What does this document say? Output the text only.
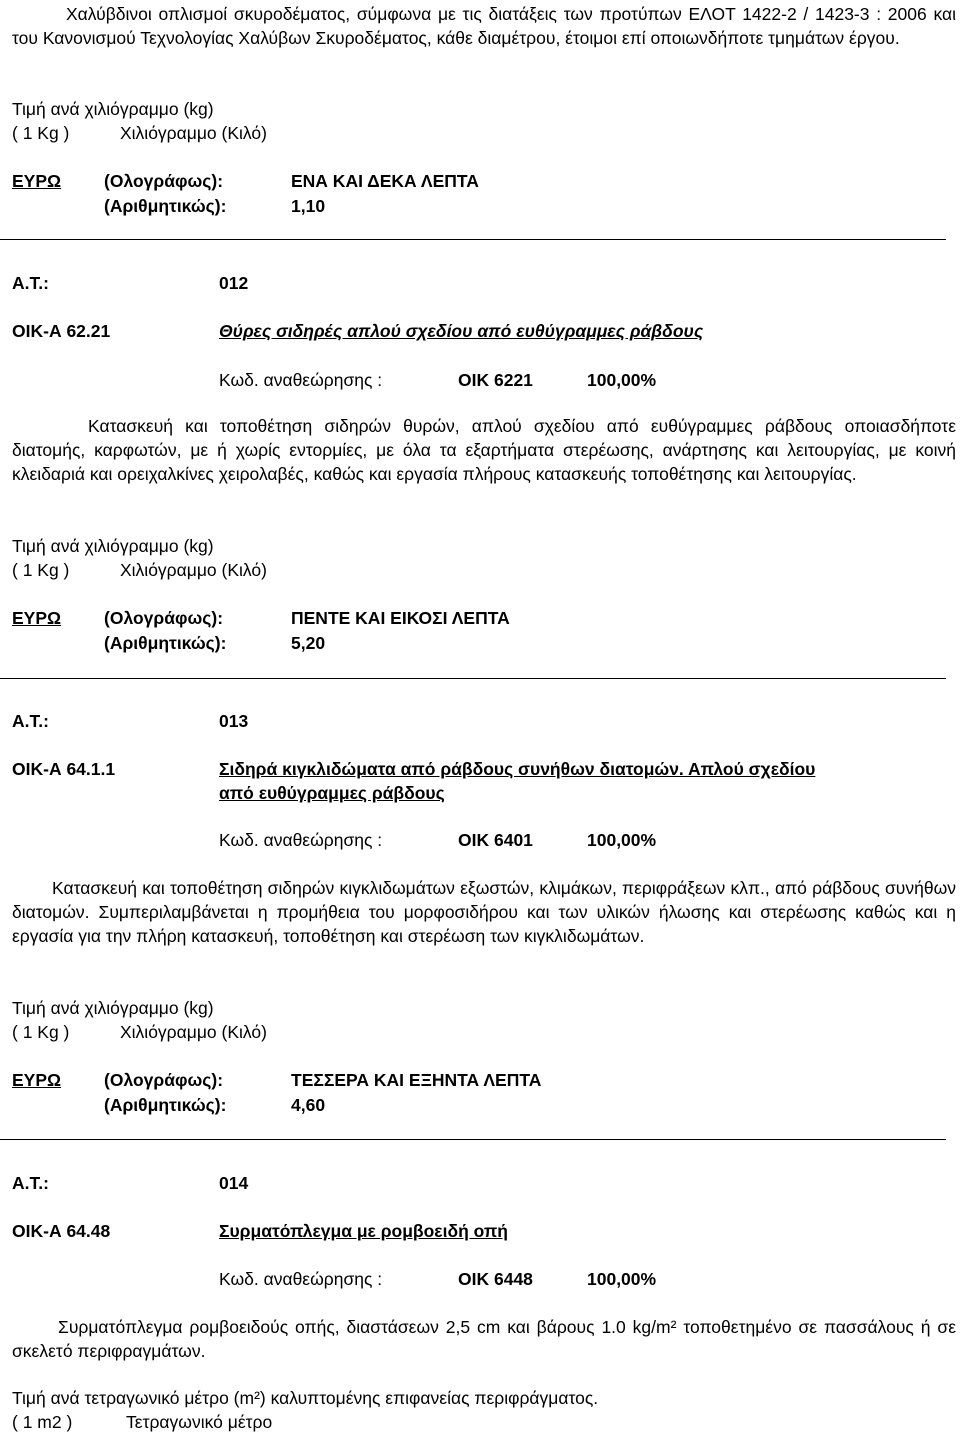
Χαλύβδινοι οπλισμοί σκυροδέματος, σύμφωνα με τις διατάξεις των προτύπων ΕΛΟΤ 1422-2 / 1423-3 : 2006 και του Κανονισμού Τεχνολογίας Χαλύβων Σκυροδέματος, κάθε διαμέτρου, έτοιμοι επί οποιωνδήποτε τμημάτων έργου.
Τιμή ανά χιλιόγραμμο (kg)
( 1 Kg )	Χιλιόγραμμο (Κιλό)
ΕΥΡΩ (Ολογράφως):	ΕΝΑ ΚΑΙ ΔΕΚΑ ΛΕΠΤΑ
(Αριθμητικώς):	1,10
Α.Τ.:	012
ΟΙΚ-Α 62.21	Θύρες σιδηρές απλού σχεδίου από ευθύγραμμες ράβδους
Κωδ. αναθεώρησης :	ΟΙΚ 6221	100,00%
Κατασκευή και τοποθέτηση σιδηρών θυρών, απλού σχεδίου από ευθύγραμμες ράβδους οποιασδήποτε διατομής, καρφωτών, με ή χωρίς εντορμίες, με όλα τα εξαρτήματα στερέωσης, ανάρτησης και λειτουργίας, με κοινή κλειδαριά και ορειχαλκίνες χειρολαβές, καθώς και εργασία πλήρους κατασκευής τοποθέτησης και λειτουργίας.
Τιμή ανά χιλιόγραμμο (kg)
( 1 Kg )	Χιλιόγραμμο (Κιλό)
ΕΥΡΩ (Ολογράφως):	ΠΕΝΤΕ ΚΑΙ ΕΙΚΟΣΙ ΛΕΠΤΑ
(Αριθμητικώς):	5,20
Α.Τ.:	013
ΟΙΚ-Α 64.1.1	Σιδηρά κιγκλιδώματα από ράβδους συνήθων διατομών. Απλού σχεδίου
από ευθύγραμμες ράβδους
Κωδ. αναθεώρησης :	ΟΙΚ 6401	100,00%
Κατασκευή και τοποθέτηση σιδηρών κιγκλιδωμάτων εξωστών, κλιμάκων, περιφράξεων κλπ., από ράβδους συνήθων διατομών. Συμπεριλαμβάνεται η προμήθεια του μορφοσιδήρου και των υλικών ήλωσης και στερέωσης καθώς και η εργασία για την πλήρη κατασκευή, τοποθέτηση και στερέωση των κιγκλιδωμάτων.
Τιμή ανά χιλιόγραμμο (kg)
( 1 Kg )	Χιλιόγραμμο (Κιλό)
ΕΥΡΩ (Ολογράφως):	ΤΕΣΣΕΡΑ ΚΑΙ ΕΞΗΝΤΑ ΛΕΠΤΑ
(Αριθμητικώς):	4,60
Α.Τ.:	014
ΟΙΚ-Α 64.48	Συρματόπλεγμα με ρομβοειδή οπή
Κωδ. αναθεώρησης :	ΟΙΚ 6448	100,00%
Συρματόπλεγμα ρομβοειδούς οπής, διαστάσεων 2,5 cm και βάρους 1.0 kg/m² τοποθετημένο σε πασσάλους ή σε σκελετό περιφραγμάτων.
Τιμή ανά τετραγωνικό μέτρο (m²) καλυπτομένης επιφανείας περιφράγματος.
( 1 m2 )	Τετραγωνικό μέτρο
